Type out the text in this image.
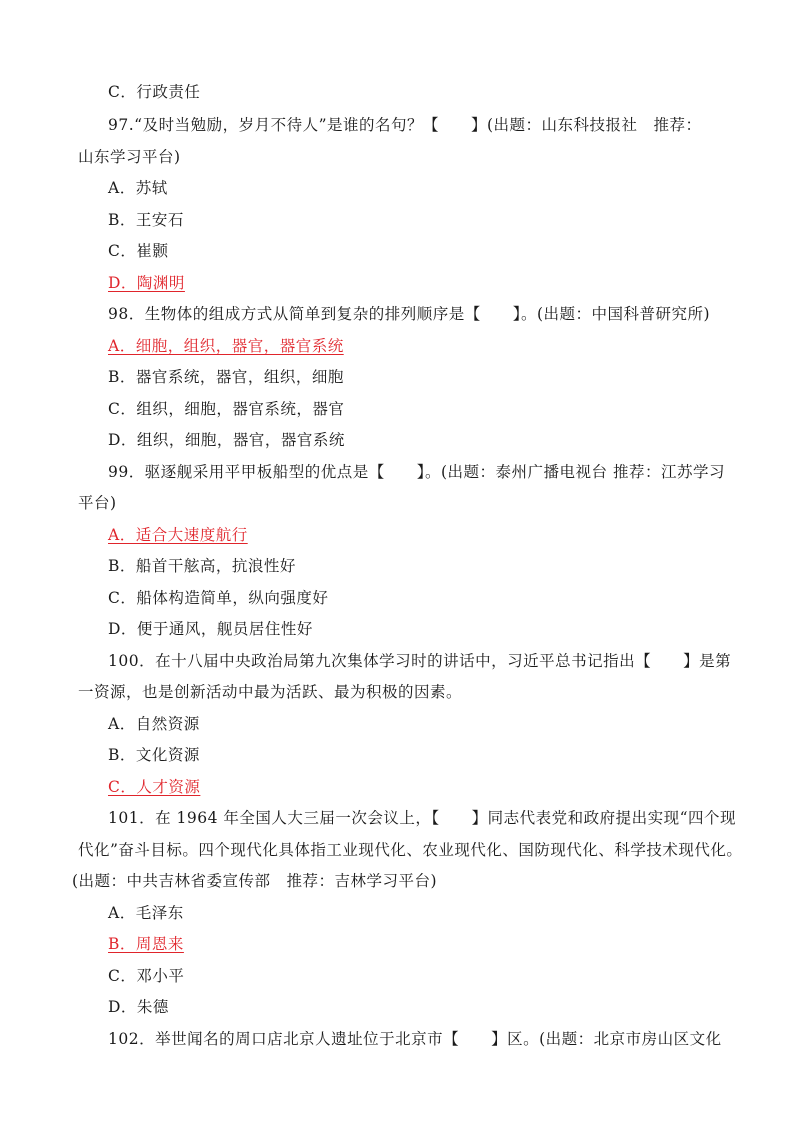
C．行政责任
97.“及时当勉励，岁月不待人”是谁的名句？【　　】(出题：山东科技报社　推荐：
山东学习平台)
A．苏轼
B．王安石
C．崔颢
D．陶渊明
98．生物体的组成方式从简单到复杂的排列顺序是【　　】。(出题：中国科普研究所)
A．细胞，组织，器官，器官系统
B．器官系统，器官，组织，细胞
C．组织，细胞，器官系统，器官
D．组织，细胞，器官，器官系统
99．驱逐舰采用平甲板船型的优点是【　　】。(出题：泰州广播电视台 推荐：江苏学习
平台)
A．适合大速度航行
B．船首干舷高，抗浪性好
C．船体构造简单，纵向强度好
D．便于通风，舰员居住性好
100．在十八届中央政治局第九次集体学习时的讲话中，习近平总书记指出【　　】是第
一资源，也是创新活动中最为活跃、最为积极的因素。
A．自然资源
B．文化资源
C．人才资源
101．在 1964 年全国人大三届一次会议上，【　　】同志代表党和政府提出实现“四个现
代化”奋斗目标。四个现代化具体指工业现代化、农业现代化、国防现代化、科学技术现代化。
(出题：中共吉林省委宣传部　推荐：吉林学习平台)
A．毛泽东
B．周恩来
C．邓小平
D．朱德
102．举世闻名的周口店北京人遗址位于北京市【　　】区。(出题：北京市房山区文化
